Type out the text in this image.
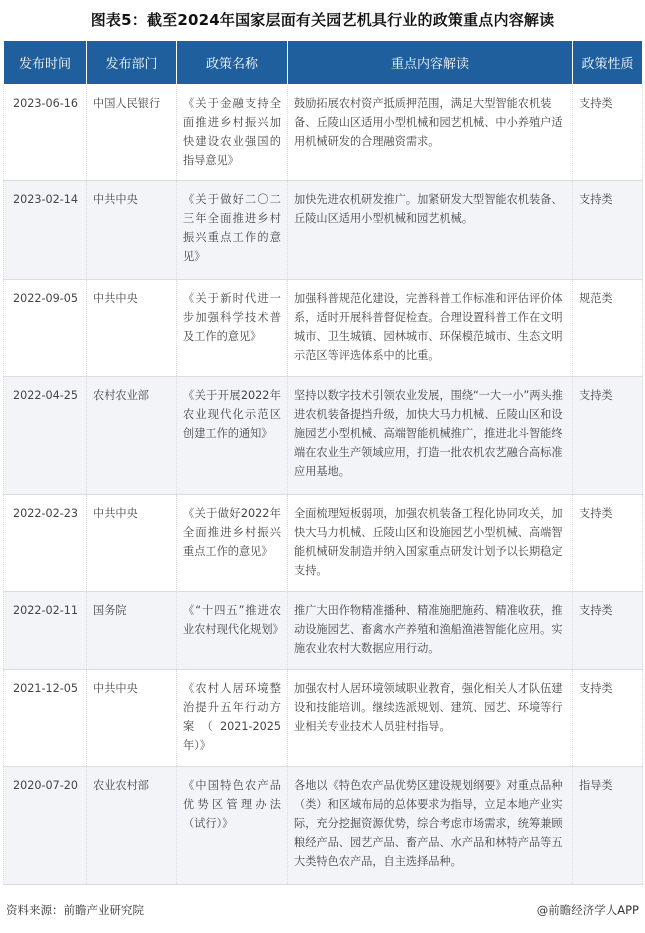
图表5：截至2024年国家层面有关园艺机具行业的政策重点内容解读
发布时间	发布部门	政策名称	重点内容解读	政策性质
2023-06-16	中国人民银行	《关于金融支持全面推进乡村振兴加快建设农业强国的指导意见》	鼓励拓展农村资产抵质押范围，满足大型智能农机装备、丘陵山区适用小型机械和园艺机械、中小养殖户适用机械研发的合理融资需求。	支持类
2023-02-14	中共中央	《关于做好二〇二三年全面推进乡村振兴重点工作的意见》	加快先进农机研发推广。加紧研发大型智能农机装备、丘陵山区适用小型机械和园艺机械。	支持类
2022-09-05	中共中央	《关于新时代进一步加强科学技术普及工作的意见》	加强科普规范化建设，完善科普工作标准和评估评价体系，适时开展科普督促检查。合理设置科普工作在文明城市、卫生城镇、园林城市、环保模范城市、生态文明示范区等评选体系中的比重。	规范类
2022-04-25	农村农业部	《关于开展2022年农业现代化示范区创建工作的通知》	坚持以数字技术引领农业发展，围绕“一大一小”两头推进农机装备提挡升级，加快大马力机械、丘陵山区和设施园艺小型机械、高端智能机械推广，推进北斗智能终端在农业生产领域应用，打造一批农机农艺融合高标准应用基地。	支持类
2022-02-23	中共中央	《关于做好2022年全面推进乡村振兴重点工作的意见》	全面梳理短板弱项，加强农机装备工程化协同攻关，加快大马力机械、丘陵山区和设施园艺小型机械、高端智能机械研发制造并纳入国家重点研发计划予以长期稳定支持。	支持类
2022-02-11	国务院	《“十四五”推进农业农村现代化规划》	推广大田作物精准播种、精准施肥施药、精准收获，推动设施园艺、畜禽水产养殖和渔船渔港智能化应用。实施农业农村大数据应用行动。	支持类
2021-12-05	中共中央	《农村人居环境整治提升五年行动方案（2021-2025年）》	加强农村人居环境领域职业教育，强化相关人才队伍建设和技能培训。继续选派规划、建筑、园艺、环境等行业相关专业技术人员驻村指导。	支持类
2020-07-20	农业农村部	《中国特色农产品优势区管理办法（试行）》	各地以《特色农产品优势区建设规划纲要》对重点品种（类）和区域布局的总体要求为指导，立足本地产业实际，充分挖掘资源优势，综合考虑市场需求，统筹兼顾粮经产品、园艺产品、畜产品、水产品和林特产品等五大类特色农产品，自主选择品种。	指导类
资料来源：前瞻产业研究院	@前瞻经济学人APP
